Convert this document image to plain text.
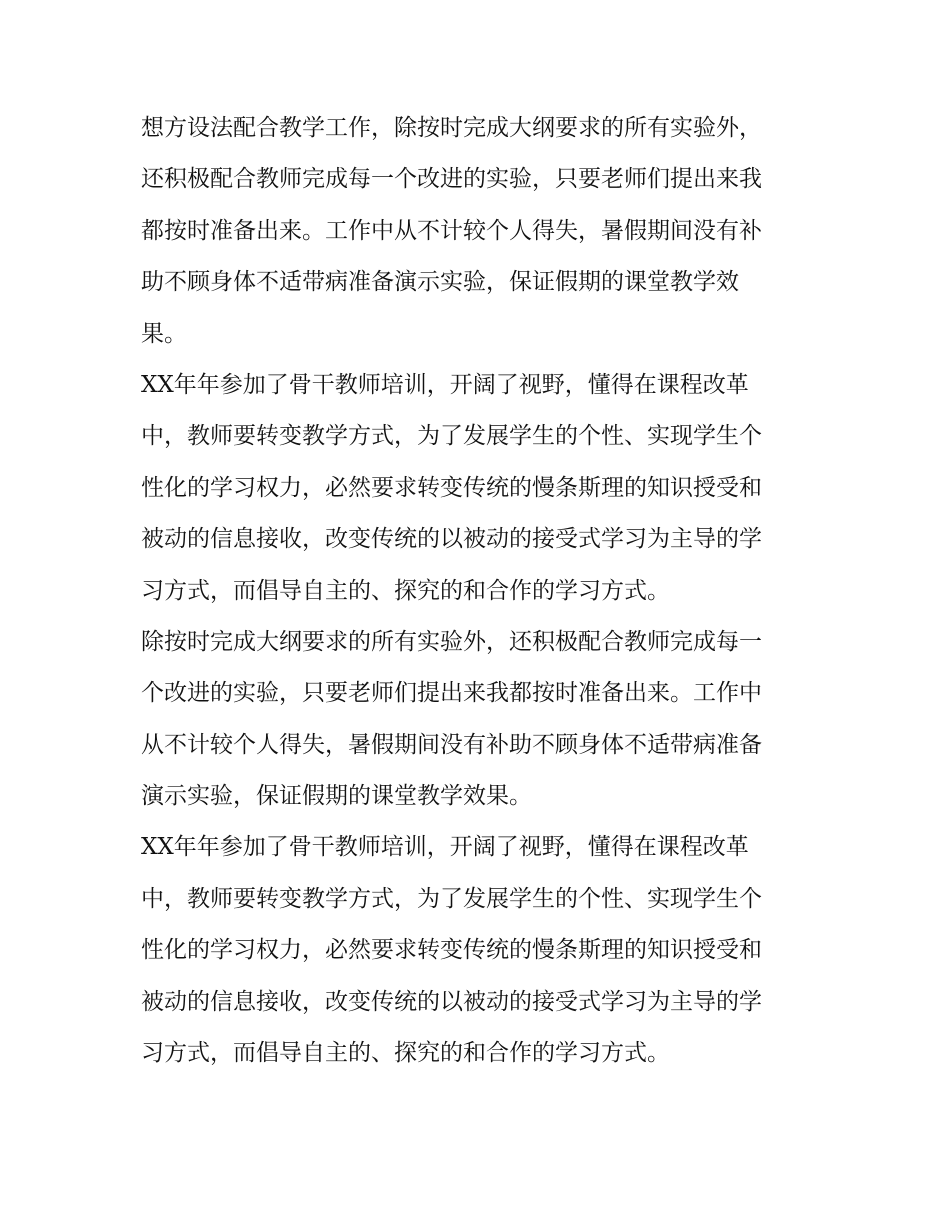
想方设法配合教学工作，除按时完成大纲要求的所有实验外，
还积极配合教师完成每一个改进的实验，只要老师们提出来我
都按时准备出来。工作中从不计较个人得失，暑假期间没有补
助不顾身体不适带病准备演示实验，保证假期的课堂教学效
果。
XX年年参加了骨干教师培训，开阔了视野，懂得在课程改革
中，教师要转变教学方式，为了发展学生的个性、实现学生个
性化的学习权力，必然要求转变传统的慢条斯理的知识授受和
被动的信息接收，改变传统的以被动的接受式学习为主导的学
习方式，而倡导自主的、探究的和合作的学习方式。
除按时完成大纲要求的所有实验外，还积极配合教师完成每一
个改进的实验，只要老师们提出来我都按时准备出来。工作中
从不计较个人得失，暑假期间没有补助不顾身体不适带病准备
演示实验，保证假期的课堂教学效果。
XX年年参加了骨干教师培训，开阔了视野，懂得在课程改革
中，教师要转变教学方式，为了发展学生的个性、实现学生个
性化的学习权力，必然要求转变传统的慢条斯理的知识授受和
被动的信息接收，改变传统的以被动的接受式学习为主导的学
习方式，而倡导自主的、探究的和合作的学习方式。
